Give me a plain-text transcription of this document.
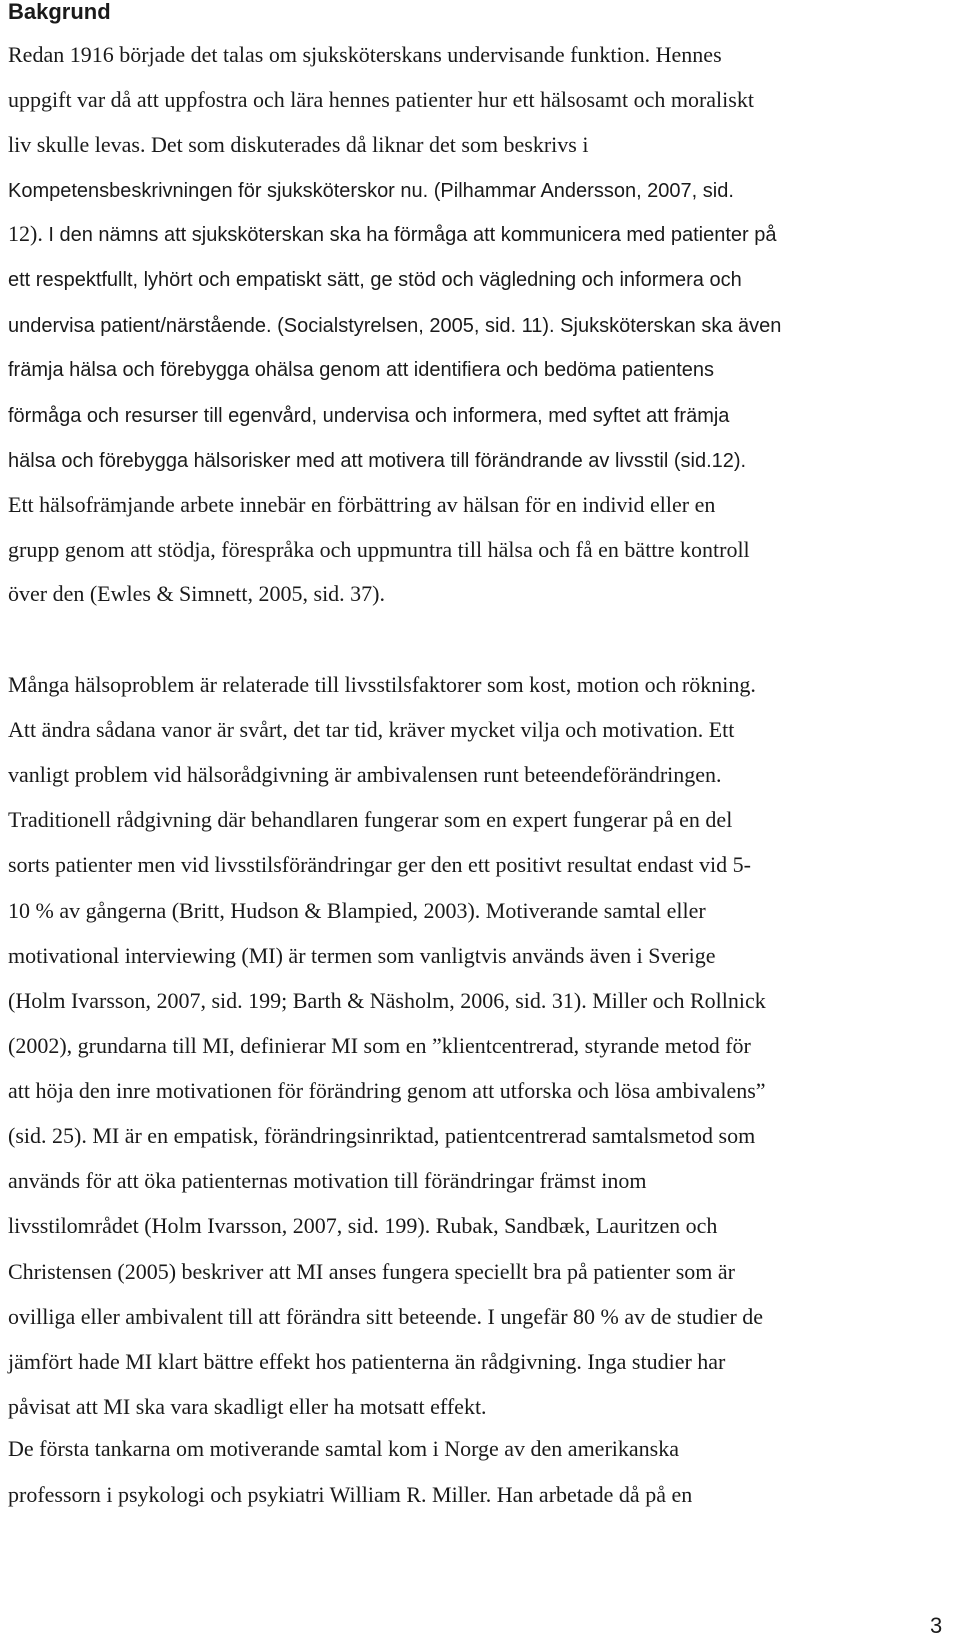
Bakgrund
Redan 1916 började det talas om sjuksköterskans undervisande funktion. Hennes
uppgift var då att uppfostra och lära hennes patienter hur ett hälsosamt och moraliskt
liv skulle levas. Det som diskuterades då liknar det som beskrivs i
Kompetensbeskrivningen för sjuksköterskor nu. (Pilhammar Andersson, 2007, sid.
12). I den nämns att sjuksköterskan ska ha förmåga att kommunicera med patienter på
ett respektfullt, lyhört och empatiskt sätt, ge stöd och vägledning och informera och
undervisa patient/närstående. (Socialstyrelsen, 2005, sid. 11). Sjuksköterskan ska även
främja hälsa och förebygga ohälsa genom att identifiera och bedöma patientens
förmåga och resurser till egenvård, undervisa och informera, med syftet att främja
hälsa och förebygga hälsorisker med att motivera till förändrande av livsstil (sid.12).
Ett hälsofrämjande arbete innebär en förbättring av hälsan för en individ eller en
grupp genom att stödja, förespråka och uppmuntra till hälsa och få en bättre kontroll
över den (Ewles & Simnett, 2005, sid. 37).
Många hälsoproblem är relaterade till livsstilsfaktorer som kost, motion och rökning.
Att ändra sådana vanor är svårt, det tar tid, kräver mycket vilja och motivation. Ett
vanligt problem vid hälsorådgivning är ambivalensen runt beteendeförändringen.
Traditionell rådgivning där behandlaren fungerar som en expert fungerar på en del
sorts patienter men vid livsstilsförändringar ger den ett positivt resultat endast vid 5-
10 % av gångerna (Britt, Hudson & Blampied, 2003). Motiverande samtal eller
motivational interviewing (MI) är termen som vanligtvis används även i Sverige
(Holm Ivarsson, 2007, sid. 199; Barth & Näsholm, 2006, sid. 31). Miller och Rollnick
(2002), grundarna till MI, definierar MI som en ”klientcentrerad, styrande metod för
att höja den inre motivationen för förändring genom att utforska och lösa ambivalens”
(sid. 25). MI är en empatisk, förändringsinriktad, patientcentrerad samtalsmetod som
används för att öka patienternas motivation till förändringar främst inom
livsstilområdet (Holm Ivarsson, 2007, sid. 199). Rubak, Sandbæk, Lauritzen och
Christensen (2005) beskriver att MI anses fungera speciellt bra på patienter som är
ovilliga eller ambivalent till att förändra sitt beteende. I ungefär 80 % av de studier de
jämfört hade MI klart bättre effekt hos patienterna än rådgivning. Inga studier har
påvisat att MI ska vara skadligt eller ha motsatt effekt.
De första tankarna om motiverande samtal kom i Norge av den amerikanska
professorn i psykologi och psykiatri William R. Miller. Han arbetade då på en
3
